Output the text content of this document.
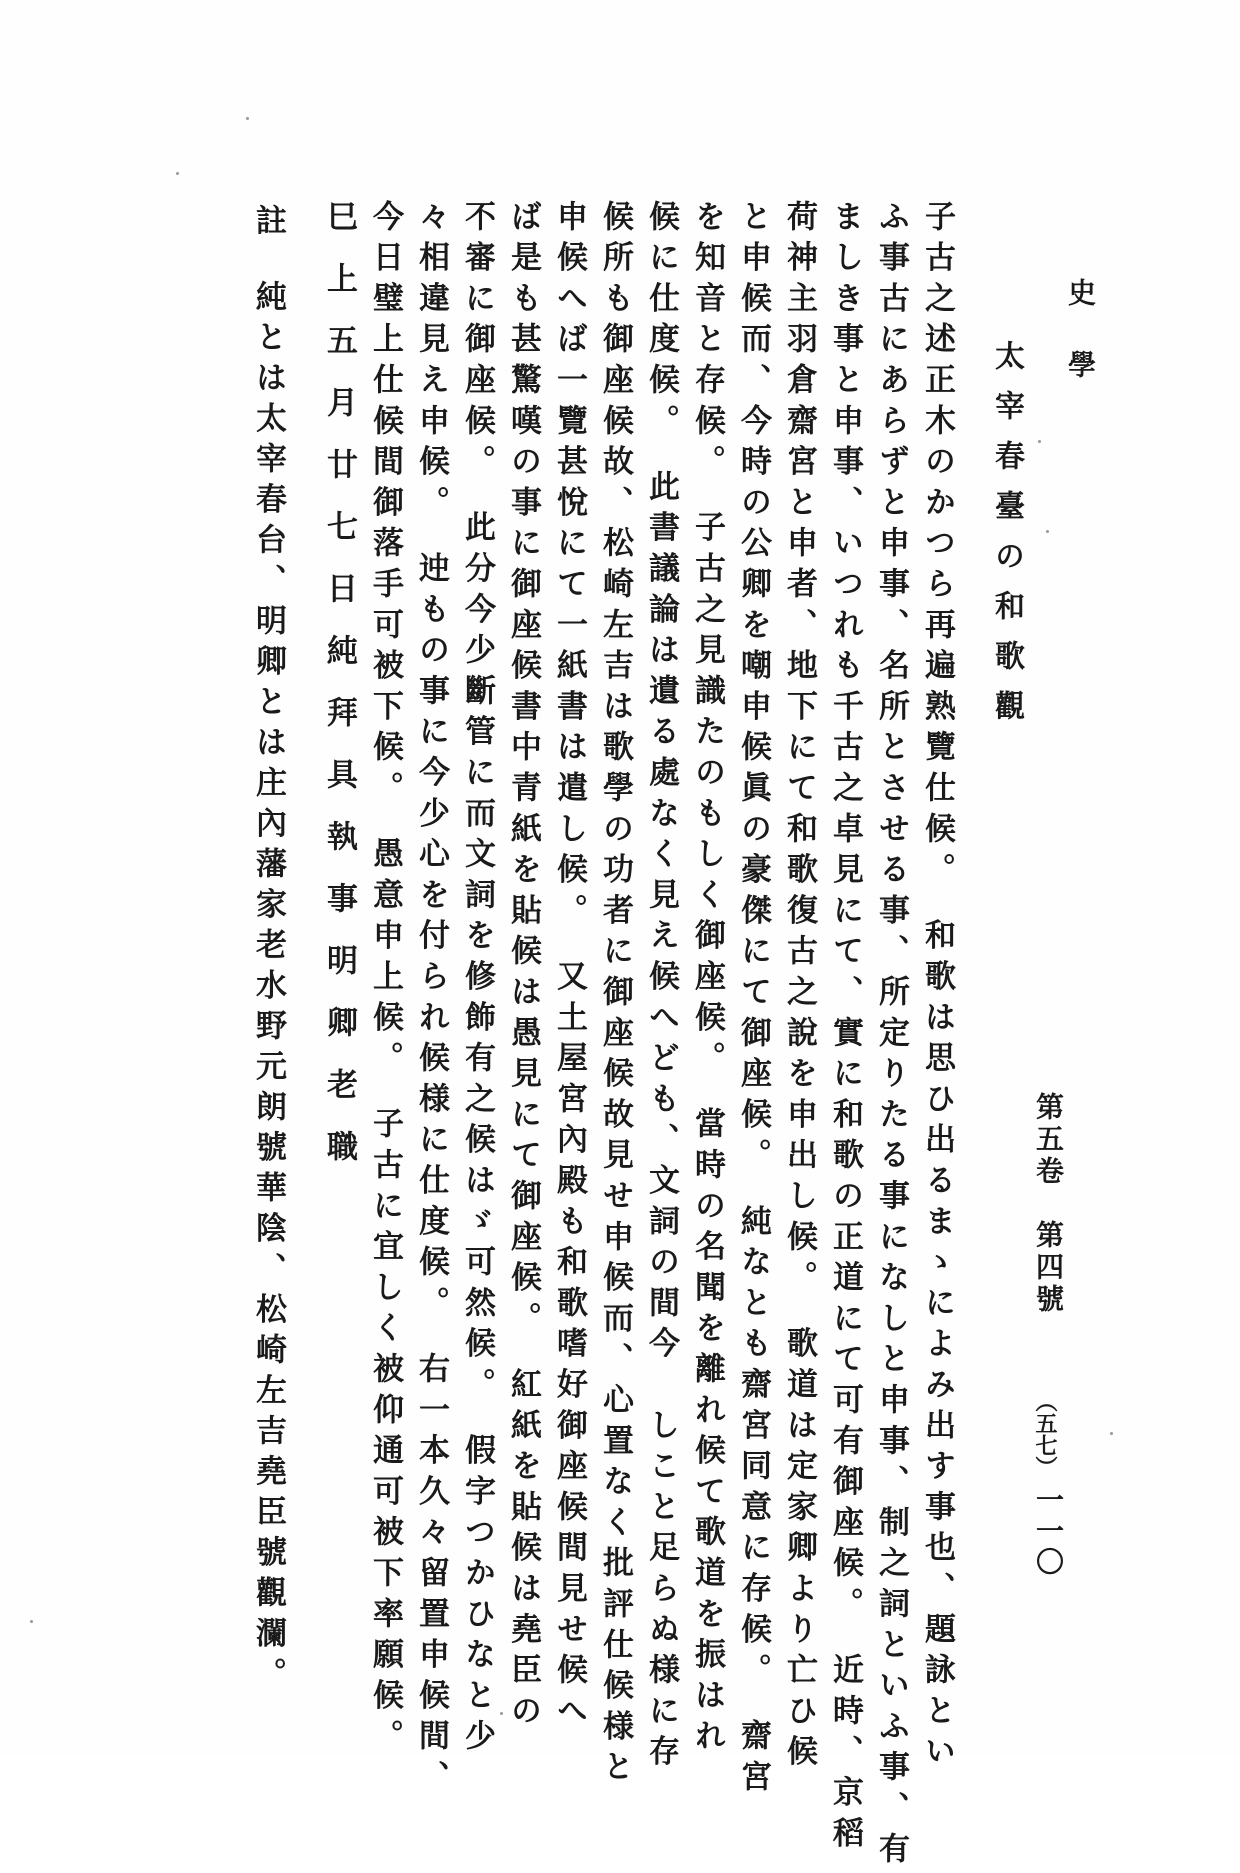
史學
第五卷　第四號
（五七）
一一〇
太宰春臺の和歌觀
子古之述正木のかつら再遍熟覽仕候。　和歌は思ひ出るまゝによみ出す事也、題詠とい
ふ事古にあらずと申事、名所とさせる事、所定りたる事になしと申事、制之詞といふ事、有
ましき事と申事、いつれも千古之卓見にて、實に和歌の正道にて可有御座候。　近時、京稻
荷神主羽倉齋宮と申者、地下にて和歌復古之說を申出し候。　歌道は定家卿より亡ひ候
と申候而、今時の公卿を嘲申候眞の豪傑にて御座候。　純なとも齋宮同意に存候。　齋宮
を知音と存候。　子古之見識たのもしく御座候。　當時の名聞を離れ候て歌道を振はれ
候に仕度候。　此書議論は遺る處なく見え候へども、文詞の間今　しこと足らぬ様に存
候所も御座候故、松崎左吉は歌學の功者に御座候故見せ申候而、心置なく批評仕候様と
申候へば一覽甚悅にて一紙書は遣し候。　又土屋宮內殿も和歌嗜好御座候間見せ候へ
ば是も甚驚嘆の事に御座候書中青紙を貼候は愚見にて御座候。　紅紙を貼候は堯臣の
不審に御座候。　此分今少斷管に而文詞を修飾有之候はゞ可然候。　假字つかひなと少
々相違見え申候。　迚もの事に今少心を付られ候様に仕度候。　右一本久々留置申候間、
今日璧上仕候間御落手可被下候。　愚意申上候。　子古に宜しく被仰通可被下率願候。
巳　上　五　月　廿　七　日　純　拜　具　執　事　明　卿　老　職
註
純とは太宰春台、明卿とは庄內藩家老水野元朗號華陰、松崎左吉堯臣號觀瀾。
